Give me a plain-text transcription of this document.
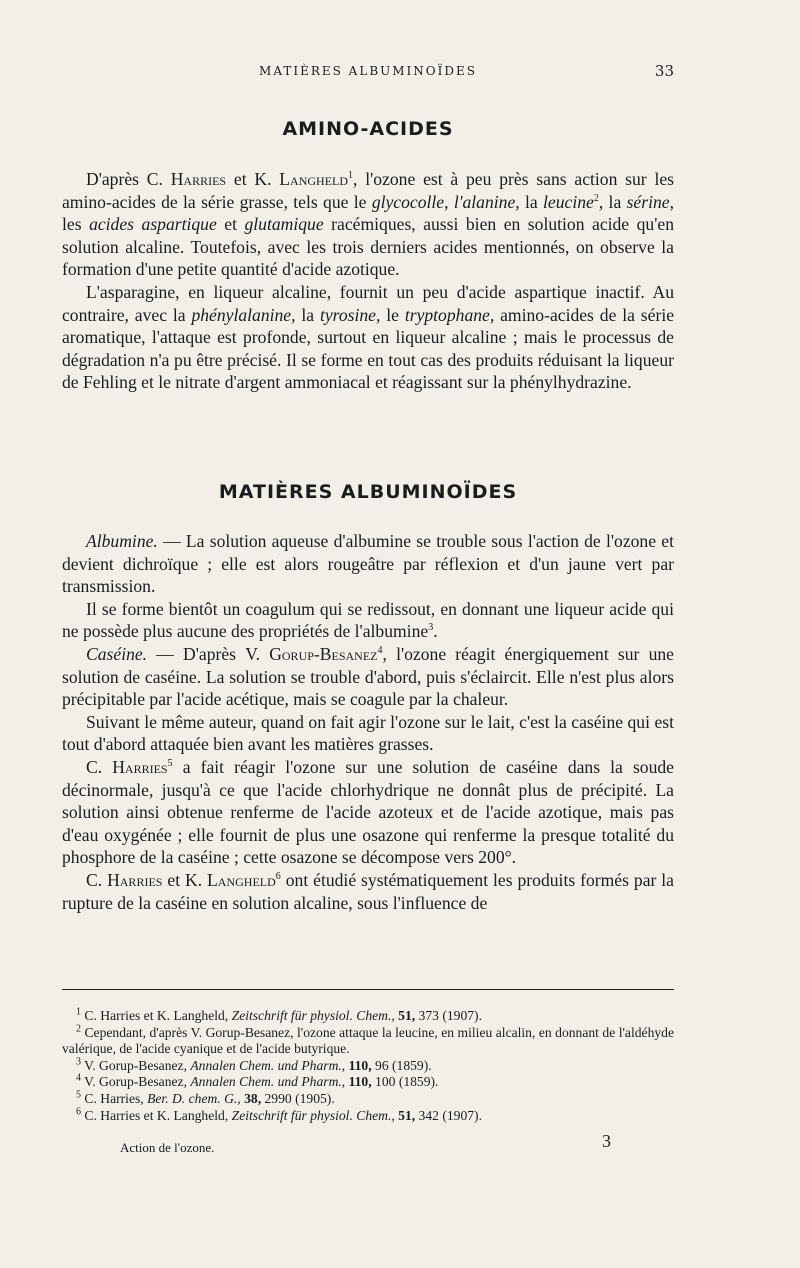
MATIÈRES ALBUMINOÏDES	33
AMINO-ACIDES

D'après C. Harries et K. Langheld$^1$, l'ozone est à peu près sans action sur les amino-acides de la série grasse, tels que le glycocolle, l'alanine, la leucine$^2$, la sérine, les acides aspartique et glutamique racémiques, aussi bien en solution acide qu'en solution alcaline. Toutefois, avec les trois derniers acides mentionnés, on observe la formation d'une petite quantité d'acide azotique.

L'asparagine, en liqueur alcaline, fournit un peu d'acide aspartique inactif. Au contraire, avec la phénylalanine, la tyrosine, le tryptophane, amino-acides de la série aromatique, l'attaque est profonde, surtout en liqueur alcaline ; mais le processus de dégradation n'a pu être précisé. Il se forme en tout cas des produits réduisant la liqueur de Fehling et le nitrate d'argent ammoniacal et réagissant sur la phénylhydrazine.

MATIÈRES ALBUMINOÏDES

Albumine. — La solution aqueuse d'albumine se trouble sous l'action de l'ozone et devient dichroïque ; elle est alors rougeâtre par réflexion et d'un jaune vert par transmission.

Il se forme bientôt un coagulum qui se redissout, en donnant une liqueur acide qui ne possède plus aucune des propriétés de l'albumine$^3$.

Caséine. — D'après V. Gorup-Besanez$^4$, l'ozone réagit énergiquement sur une solution de caséine. La solution se trouble d'abord, puis s'éclaircit. Elle n'est plus alors précipitable par l'acide acétique, mais se coagule par la chaleur.

Suivant le même auteur, quand on fait agir l'ozone sur le lait, c'est la caséine qui est tout d'abord attaquée bien avant les matières grasses.

C. Harries$^5$ a fait réagir l'ozone sur une solution de caséine dans la soude décinormale, jusqu'à ce que l'acide chlorhydrique ne donnât plus de précipité. La solution ainsi obtenue renferme de l'acide azoteux et de l'acide azotique, mais pas d'eau oxygénée ; elle fournit de plus une osazone qui renferme la presque totalité du phosphore de la caséine ; cette osazone se décompose vers 200°.

C. Harries et K. Langheld$^6$ ont étudié systématiquement les produits formés par la rupture de la caséine en solution alcaline, sous l'influence de

$^1$ C. Harries et K. Langheld, Zeitschrift für physiol. Chem., 51, 373 (1907).

$^2$ Cependant, d'après V. Gorup-Besanez, l'ozone attaque la leucine, en milieu alcalin, en donnant de l'aldéhyde valérique, de l'acide cyanique et de l'acide butyrique.

$^3$ V. Gorup-Besanez, Annalen Chem. und Pharm., 110, 96 (1859).

$^4$ V. Gorup-Besanez, Annalen Chem. und Pharm., 110, 100 (1859).

$^5$ C. Harries, Ber. D. chem. G., 38, 2990 (1905).

$^6$ C. Harries et K. Langheld, Zeitschrift für physiol. Chem., 51, 342 (1907).

Action de l'ozone.	3
